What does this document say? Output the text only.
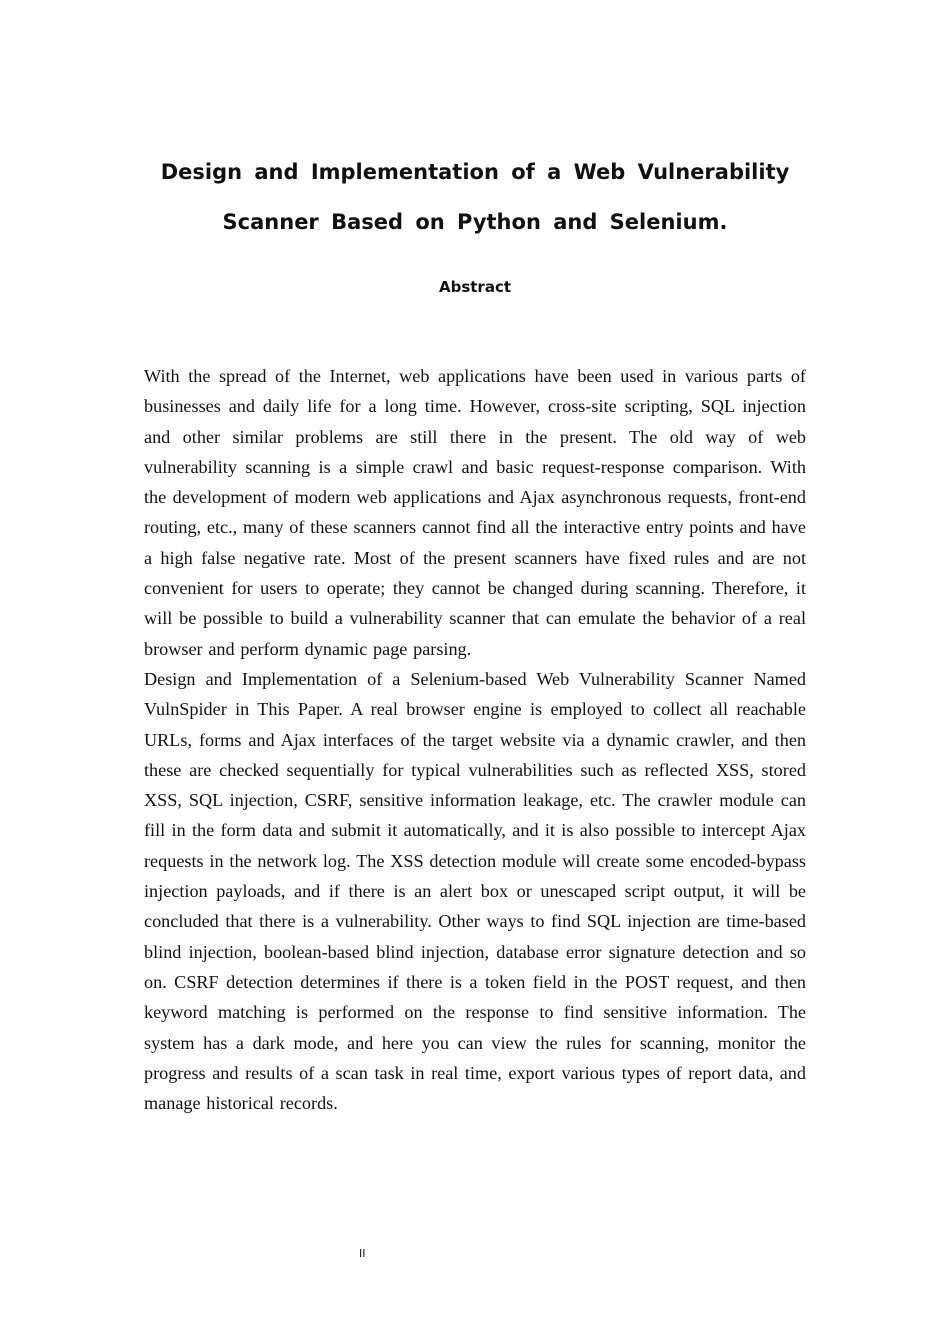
Design and Implementation of a Web Vulnerability
Scanner Based on Python and Selenium.
Abstract

With the spread of the Internet, web applications have been used in various parts of businesses and daily life for a long time. However, cross-site scripting, SQL injection and other similar problems are still there in the present. The old way of web vulnerability scanning is a simple crawl and basic request-response comparison. With the development of modern web applications and Ajax asynchronous requests, front-end routing, etc., many of these scanners cannot find all the interactive entry points and have a high false negative rate. Most of the present scanners have fixed rules and are not convenient for users to operate; they cannot be changed during scanning. Therefore, it will be possible to build a vulnerability scanner that can emulate the behavior of a real browser and perform dynamic page parsing.

Design and Implementation of a Selenium-based Web Vulnerability Scanner Named VulnSpider in This Paper. A real browser engine is employed to collect all reachable URLs, forms and Ajax interfaces of the target website via a dynamic crawler, and then these are checked sequentially for typical vulnerabilities such as reflected XSS, stored XSS, SQL injection, CSRF, sensitive information leakage, etc. The crawler module can fill in the form data and submit it automatically, and it is also possible to intercept Ajax requests in the network log. The XSS detection module will create some encoded-bypass injection payloads, and if there is an alert box or unescaped script output, it will be concluded that there is a vulnerability. Other ways to find SQL injection are time-based blind injection, boolean-based blind injection, database error signature detection and so on. CSRF detection determines if there is a token field in the POST request, and then keyword matching is performed on the response to find sensitive information. The system has a dark mode, and here you can view the rules for scanning, monitor the progress and results of a scan task in real time, export various types of report data, and manage historical records.

II
